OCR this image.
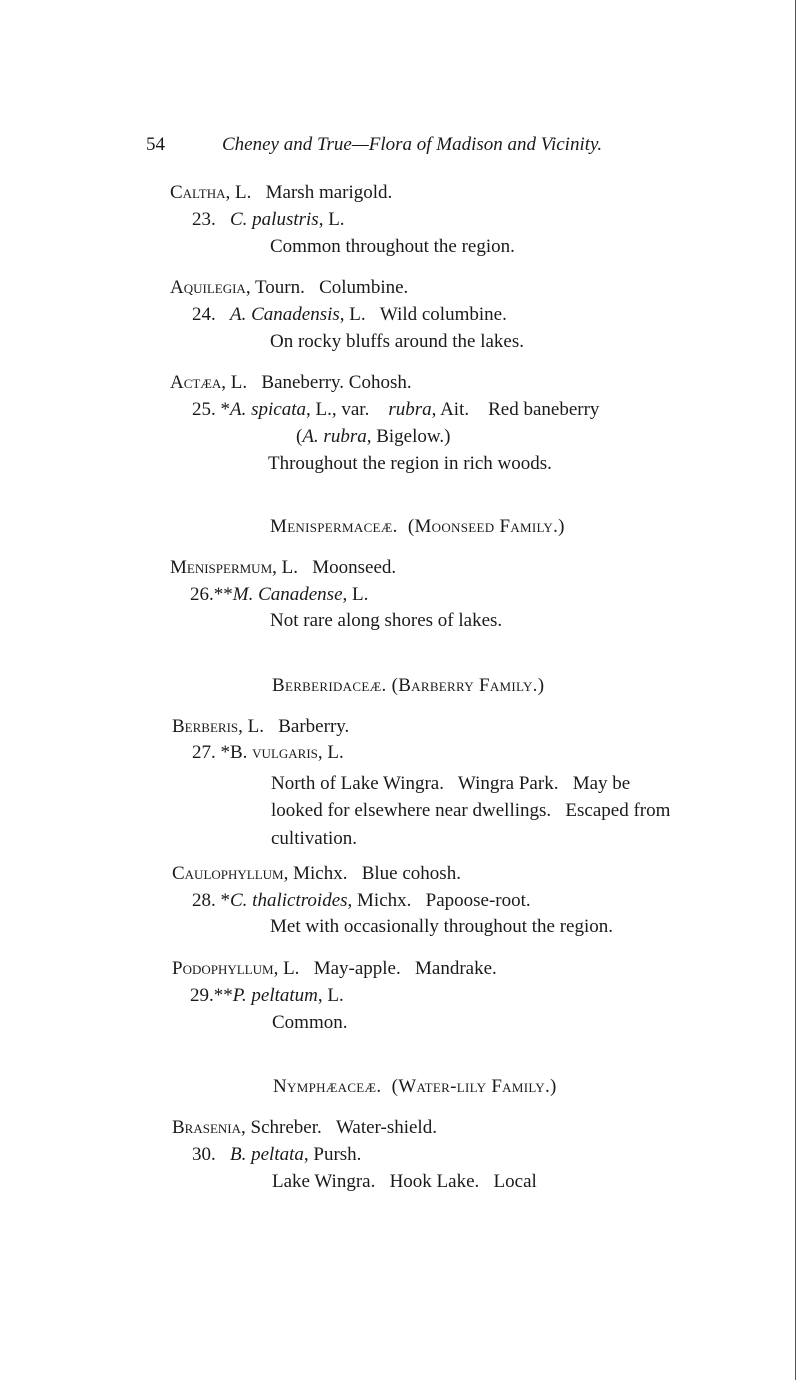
54	Cheney and True—Flora of Madison and Vicinity.
Caltha, L. Marsh marigold.
23. C. palustris, L.
Common throughout the region.
Aquilegia, Tourn. Columbine.
24. A. Canadensis, L. Wild columbine.
On rocky bluffs around the lakes.
Actæa, L. Baneberry. Cohosh.
25. *A. spicata, L., var. rubra, Ait. Red baneberry
(A. rubra, Bigelow.)
Throughout the region in rich woods.
Menispermaceæ. (Moonseed Family.)
Menispermum, L. Moonseed.
26.**M. Canadense, L.
Not rare along shores of lakes.
Berberidaceæ. (Barberry Family.)
Berberis, L. Barberry.
27. *B. vulgaris, L.
North of Lake Wingra.   Wingra Park.   May be
looked for elsewhere near dwellings.   Escaped from
cultivation.
Caulophyllum, Michx. Blue cohosh.
28. *C. thalictroides, Michx. Papoose-root.
Met with occasionally throughout the region.
Podophyllum, L. May-apple.   Mandrake.
29.**P. peltatum, L.
Common.
Nymphæaceæ. (Water-lily Family.)
Brasenia, Schreber. Water-shield.
30. B. peltata, Pursh.
Lake Wingra.   Hook Lake.   Local
